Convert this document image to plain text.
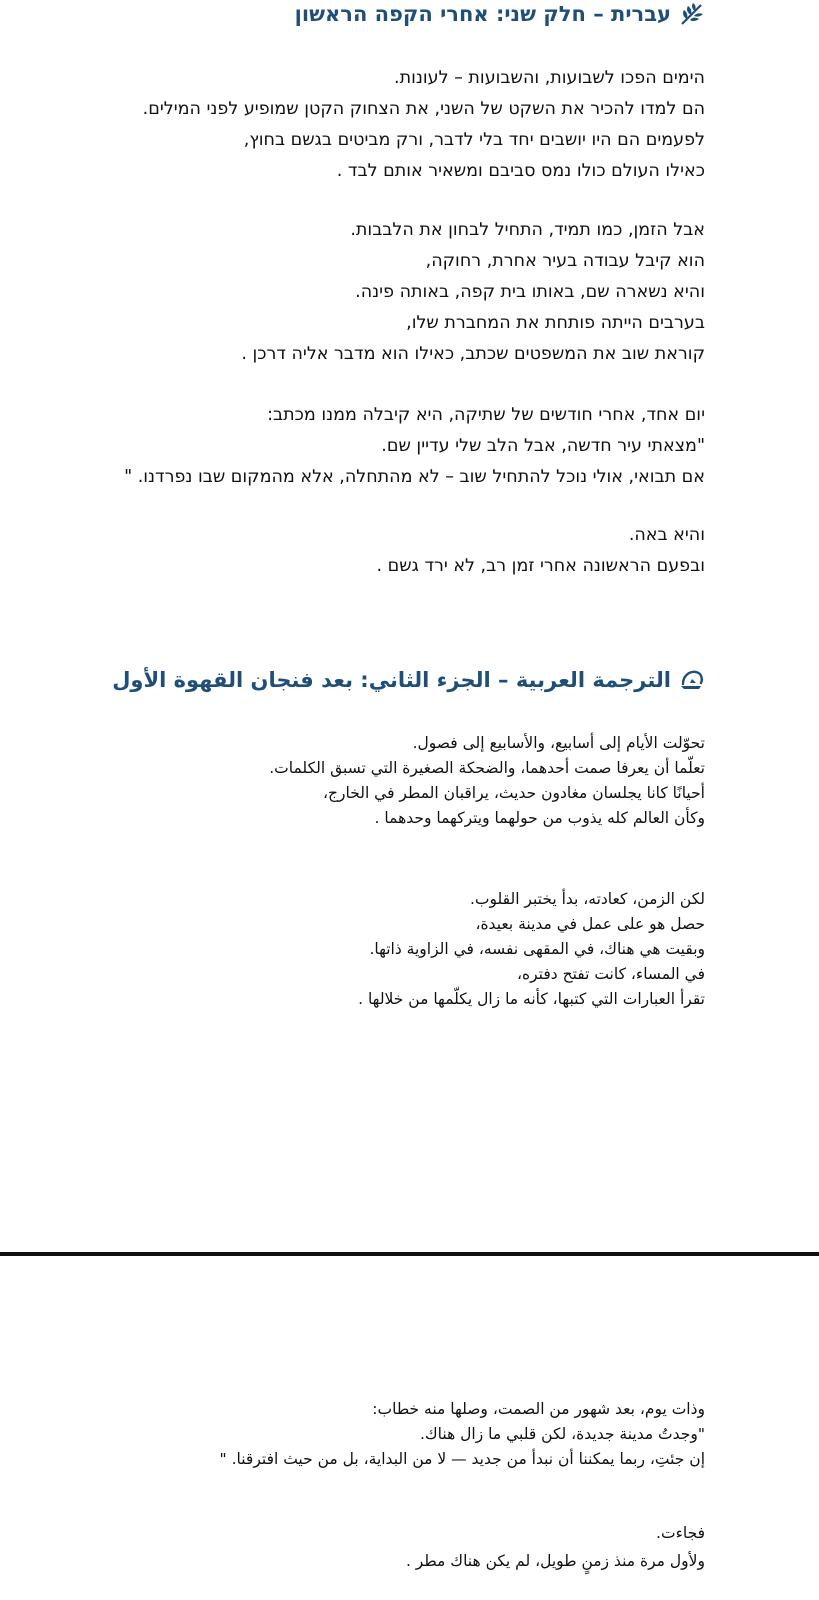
עברית – חלק שני: אחרי הקפה הראשון
הימים הפכו לשבועות, והשבועות – לעונות.
הם למדו להכיר את השקט של השני, את הצחוק הקטן שמופיע לפני המילים.
לפעמים הם היו יושבים יחד בלי לדבר, ורק מביטים בגשם בחוץ,
כאילו העולם כולו נמס סביבם ומשאיר אותם לבד .
אבל הזמן, כמו תמיד, התחיל לבחון את הלבבות.
הוא קיבל עבודה בעיר אחרת, רחוקה,
והיא נשארה שם, באותו בית קפה, באותה פינה.
בערבים הייתה פותחת את המחברת שלו,
קוראת שוב את המשפטים שכתב, כאילו הוא מדבר אליה דרכן .
יום אחד, אחרי חודשים של שתיקה, היא קיבלה ממנו מכתב:
"מצאתי עיר חדשה, אבל הלב שלי עדיין שם.
אם תבואי, אולי נוכל להתחיל שוב – לא מהתחלה, אלא מהמקום שבו נפרדנו. "
והיא באה.
ובפעם הראשונה אחרי זמן רב, לא ירד גשם .
الترجمة العربية – الجزء الثاني: بعد فنجان القهوة الأول
تحوّلت الأيام إلى أسابيع، والأسابيع إلى فصول.
تعلّما أن يعرفا صمت أحدهما، والضحكة الصغيرة التي تسبق الكلمات.
أحيانًا كانا يجلسان مغادون حديث، يراقبان المطر في الخارج،
وكأن العالم كله يذوب من حولهما ويتركهما وحدهما .
لكن الزمن، كعادته، بدأ يختبر القلوب.
حصل هو على عمل في مدينة بعيدة،
وبقيت هي هناك، في المقهى نفسه، في الزاوية ذاتها.
في المساء، كانت تفتح دفتره،
تقرأ العبارات التي كتبها، كأنه ما زال يكلّمها من خلالها .
وذات يوم، بعد شهور من الصمت، وصلها منه خطاب:
"وجدتُ مدينة جديدة، لكن قلبي ما زال هناك.
إن جئتِ، ربما يمكننا أن نبدأ من جديد — لا من البداية، بل من حيث افترقنا. "
فجاءت.
ولأول مرة منذ زمنٍ طويل، لم يكن هناك مطر .
